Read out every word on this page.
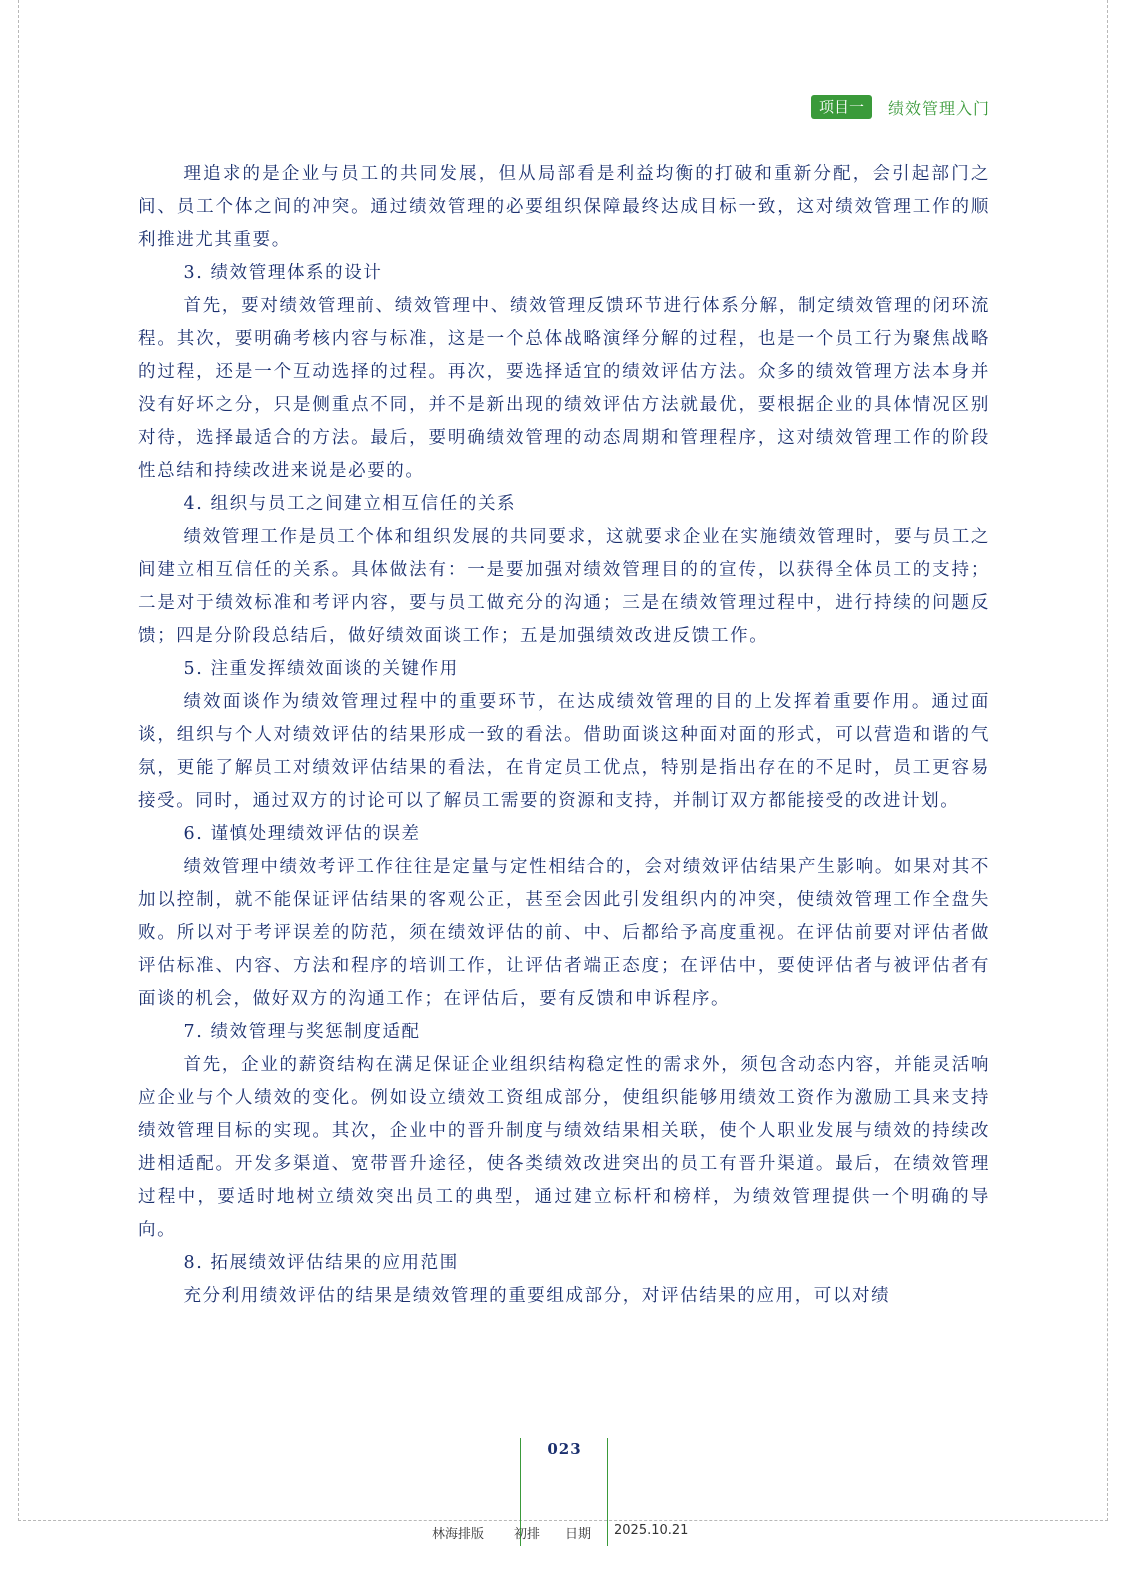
项目一	绩效管理入门

理追求的是企业与员工的共同发展，但从局部看是利益均衡的打破和重新分配，会引起部门之间、员工个体之间的冲突。通过绩效管理的必要组织保障最终达成目标一致，这对绩效管理工作的顺利推进尤其重要。

3. 绩效管理体系的设计

首先，要对绩效管理前、绩效管理中、绩效管理反馈环节进行体系分解，制定绩效管理的闭环流程。其次，要明确考核内容与标准，这是一个总体战略演绎分解的过程，也是一个员工行为聚焦战略的过程，还是一个互动选择的过程。再次，要选择适宜的绩效评估方法。众多的绩效管理方法本身并没有好坏之分，只是侧重点不同，并不是新出现的绩效评估方法就最优，要根据企业的具体情况区别对待，选择最适合的方法。最后，要明确绩效管理的动态周期和管理程序，这对绩效管理工作的阶段性总结和持续改进来说是必要的。

4. 组织与员工之间建立相互信任的关系

绩效管理工作是员工个体和组织发展的共同要求，这就要求企业在实施绩效管理时，要与员工之间建立相互信任的关系。具体做法有：一是要加强对绩效管理目的的宣传，以获得全体员工的支持；二是对于绩效标准和考评内容，要与员工做充分的沟通；三是在绩效管理过程中，进行持续的问题反馈；四是分阶段总结后，做好绩效面谈工作；五是加强绩效改进反馈工作。

5. 注重发挥绩效面谈的关键作用

绩效面谈作为绩效管理过程中的重要环节，在达成绩效管理的目的上发挥着重要作用。通过面谈，组织与个人对绩效评估的结果形成一致的看法。借助面谈这种面对面的形式，可以营造和谐的气氛，更能了解员工对绩效评估结果的看法，在肯定员工优点，特别是指出存在的不足时，员工更容易接受。同时，通过双方的讨论可以了解员工需要的资源和支持，并制订双方都能接受的改进计划。

6. 谨慎处理绩效评估的误差

绩效管理中绩效考评工作往往是定量与定性相结合的，会对绩效评估结果产生影响。如果对其不加以控制，就不能保证评估结果的客观公正，甚至会因此引发组织内的冲突，使绩效管理工作全盘失败。所以对于考评误差的防范，须在绩效评估的前、中、后都给予高度重视。在评估前要对评估者做评估标准、内容、方法和程序的培训工作，让评估者端正态度；在评估中，要使评估者与被评估者有面谈的机会，做好双方的沟通工作；在评估后，要有反馈和申诉程序。

7. 绩效管理与奖惩制度适配

首先，企业的薪资结构在满足保证企业组织结构稳定性的需求外，须包含动态内容，并能灵活响应企业与个人绩效的变化。例如设立绩效工资组成部分，使组织能够用绩效工资作为激励工具来支持绩效管理目标的实现。其次，企业中的晋升制度与绩效结果相关联，使个人职业发展与绩效的持续改进相适配。开发多渠道、宽带晋升途径，使各类绩效改进突出的员工有晋升渠道。最后，在绩效管理过程中，要适时地树立绩效突出员工的典型，通过建立标杆和榜样，为绩效管理提供一个明确的导向。

8. 拓展绩效评估结果的应用范围

充分利用绩效评估的结果是绩效管理的重要组成部分，对评估结果的应用，可以对绩

023
林海排版 初排 日期 2025.10.21
